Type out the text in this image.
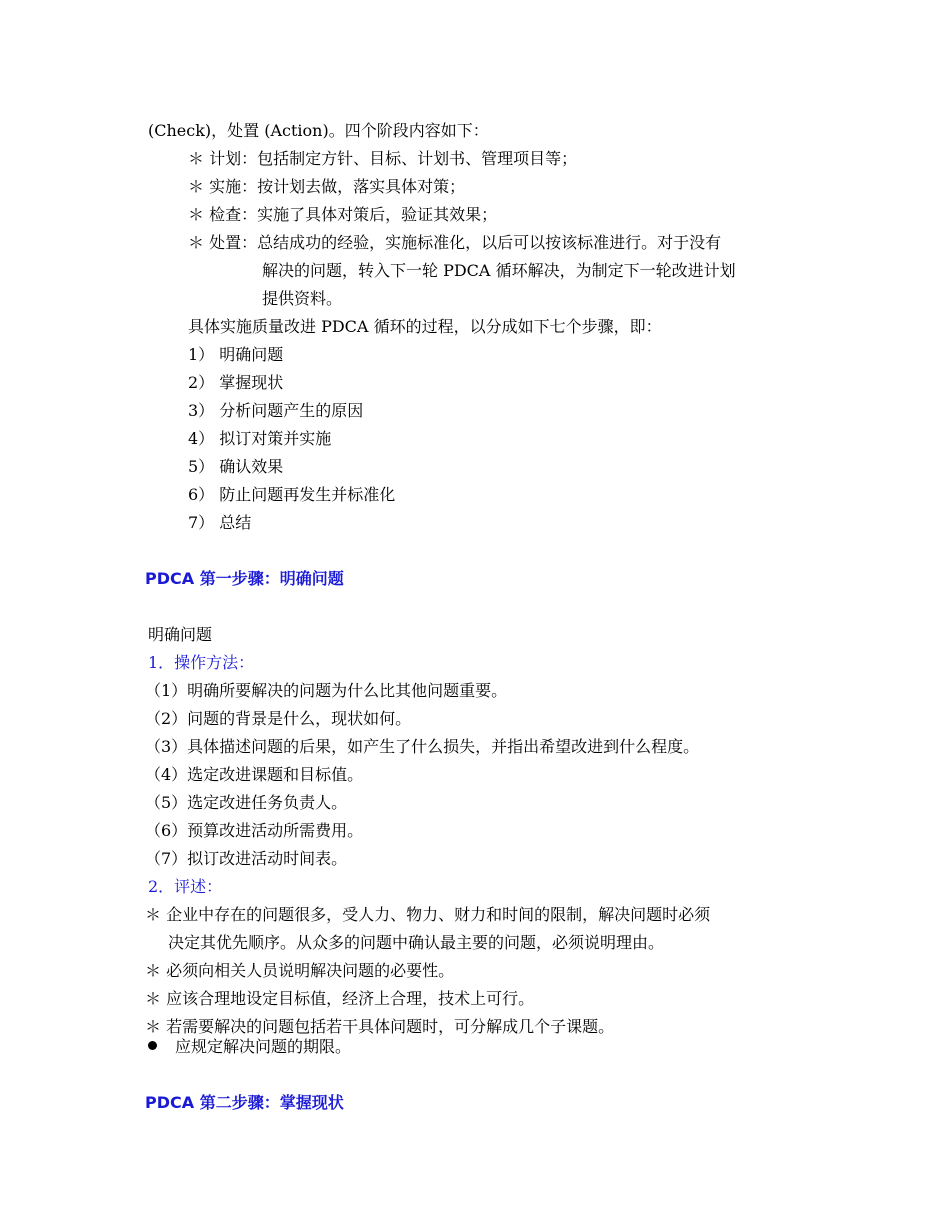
(Check)，处置 (Action)。四个阶段内容如下：
＊ 计划：包括制定方针、目标、计划书、管理项目等；
＊ 实施：按计划去做，落实具体对策；
＊ 检查：实施了具体对策后，验证其效果；
＊ 处置：总结成功的经验，实施标准化，以后可以按该标准进行。对于没有
解决的问题，转入下一轮 PDCA 循环解决，为制定下一轮改进计划
提供资料。
具体实施质量改进 PDCA 循环的过程，以分成如下七个步骤，即：
1） 明确问题
2） 掌握现状
3） 分析问题产生的原因
4） 拟订对策并实施
5） 确认效果
6） 防止问题再发生并标准化
7） 总结
PDCA 第一步骤：明确问题
明确问题
1．操作方法：
（1）明确所要解决的问题为什么比其他问题重要。
（2）问题的背景是什么，现状如何。
（3）具体描述问题的后果，如产生了什么损失，并指出希望改进到什么程度。
（4）选定改进课题和目标值。
（5）选定改进任务负责人。
（6）预算改进活动所需费用。
（7）拟订改进活动时间表。
2．评述：
＊ 企业中存在的问题很多，受人力、物力、财力和时间的限制，解决问题时必须
决定其优先顺序。从众多的问题中确认最主要的问题，必须说明理由。
＊ 必须向相关人员说明解决问题的必要性。
＊ 应该合理地设定目标值，经济上合理，技术上可行。
＊ 若需要解决的问题包括若干具体问题时，可分解成几个子课题。
应规定解决问题的期限。
PDCA 第二步骤：掌握现状
